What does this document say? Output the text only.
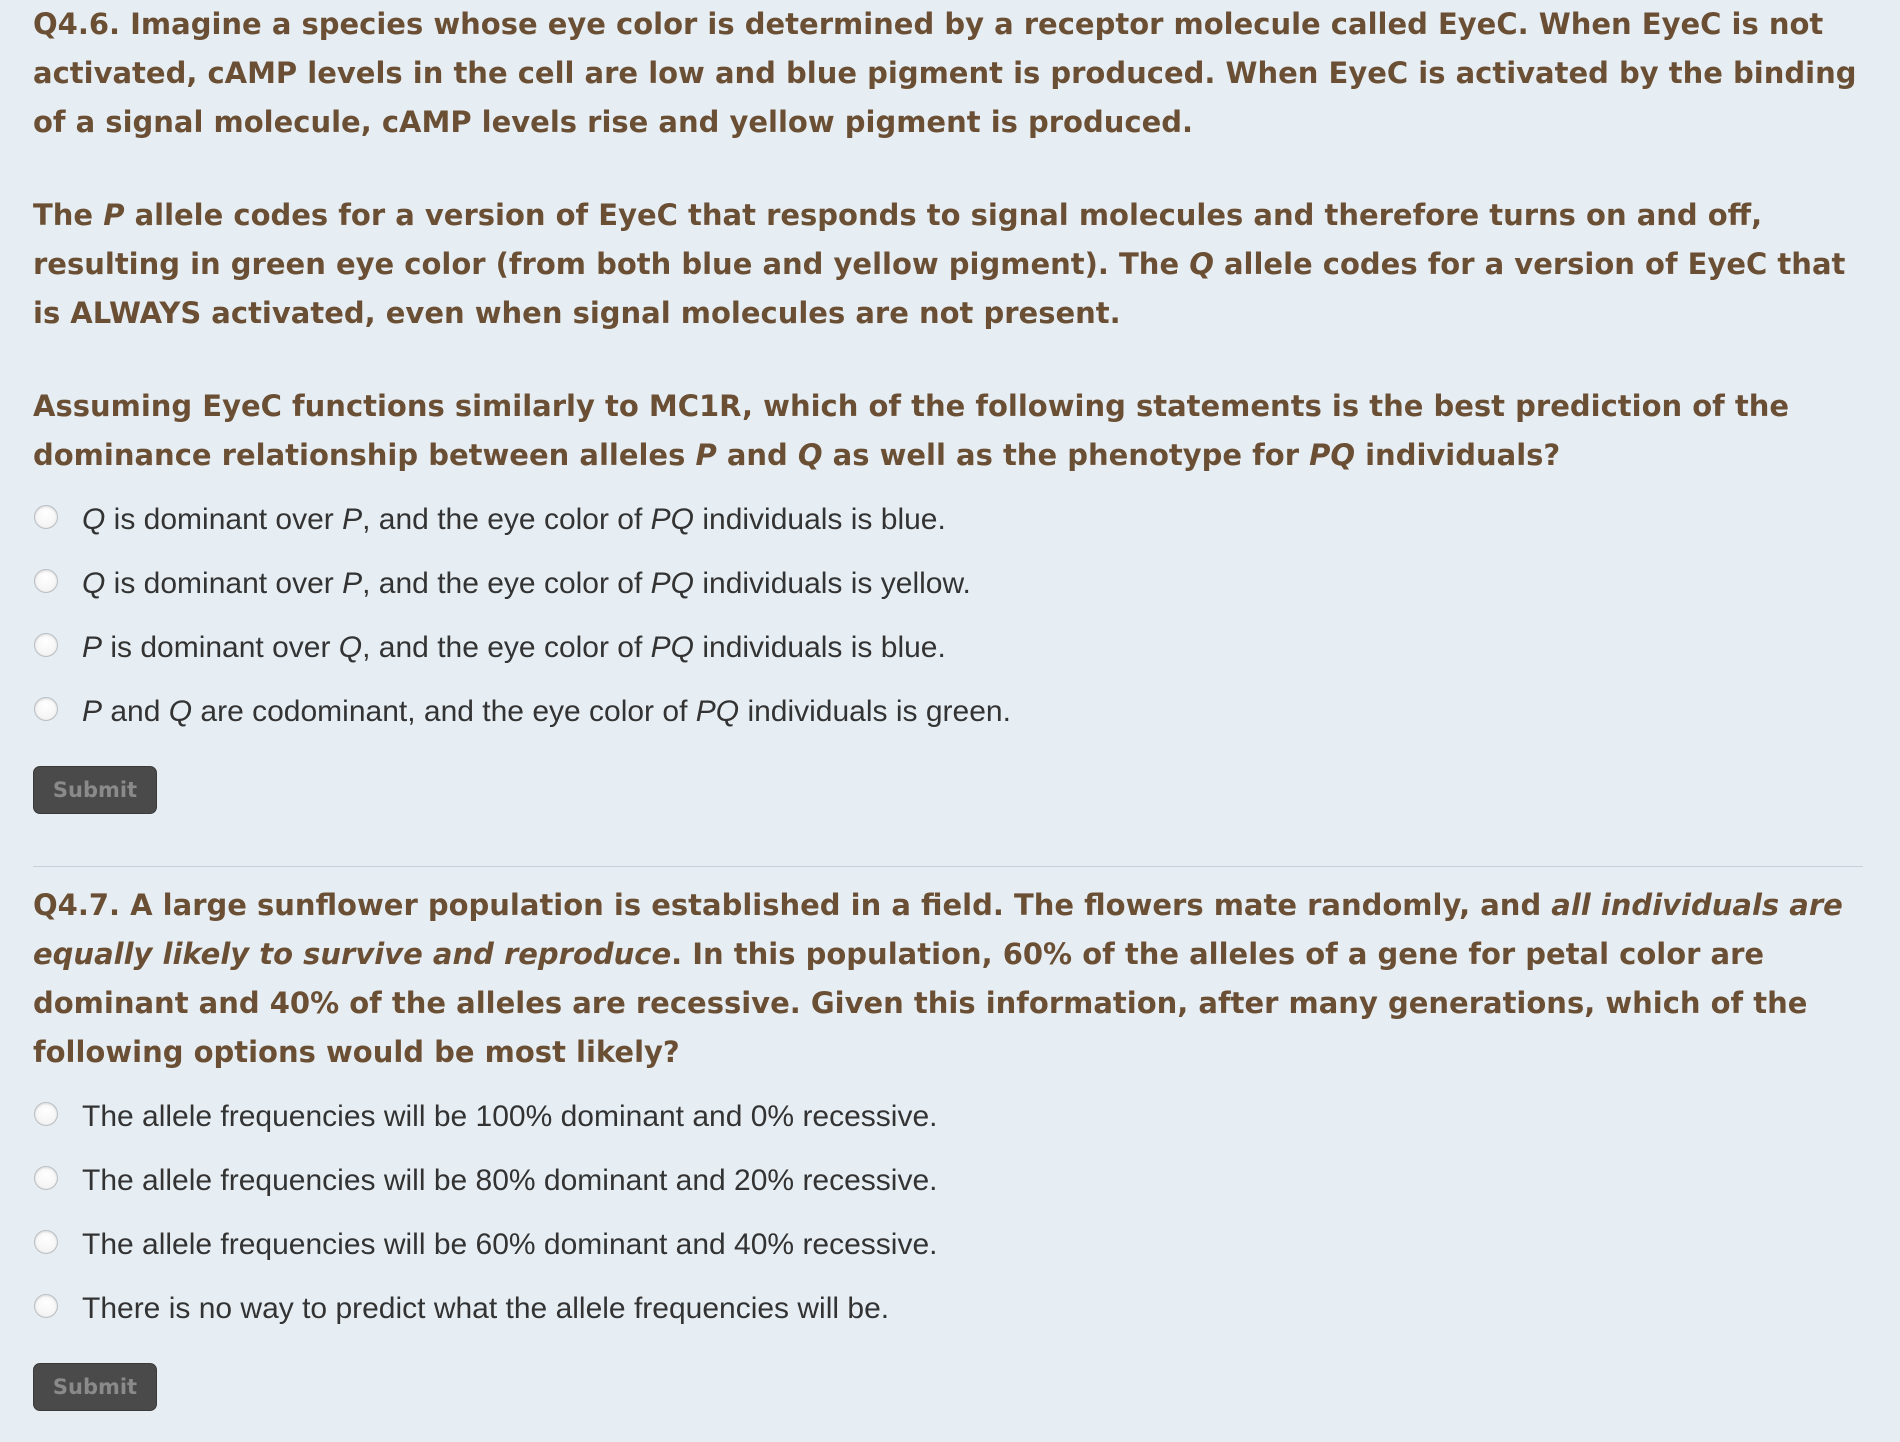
Q4.6. Imagine a species whose eye color is determined by a receptor molecule called EyeC. When EyeC is not activated, cAMP levels in the cell are low and blue pigment is produced. When EyeC is activated by the binding of a signal molecule, cAMP levels rise and yellow pigment is produced.

The P allele codes for a version of EyeC that responds to signal molecules and therefore turns on and off, resulting in green eye color (from both blue and yellow pigment). The Q allele codes for a version of EyeC that is ALWAYS activated, even when signal molecules are not present.

Assuming EyeC functions similarly to MC1R, which of the following statements is the best prediction of the dominance relationship between alleles P and Q as well as the phenotype for PQ individuals?

Q is dominant over P, and the eye color of PQ individuals is blue.
Q is dominant over P, and the eye color of PQ individuals is yellow.
P is dominant over Q, and the eye color of PQ individuals is blue.
P and Q are codominant, and the eye color of PQ individuals is green.
Submit

Q4.7. A large sunflower population is established in a field. The flowers mate randomly, and all individuals are equally likely to survive and reproduce. In this population, 60% of the alleles of a gene for petal color are dominant and 40% of the alleles are recessive. Given this information, after many generations, which of the following options would be most likely?

The allele frequencies will be 100% dominant and 0% recessive.
The allele frequencies will be 80% dominant and 20% recessive.
The allele frequencies will be 60% dominant and 40% recessive.
There is no way to predict what the allele frequencies will be.
Submit
